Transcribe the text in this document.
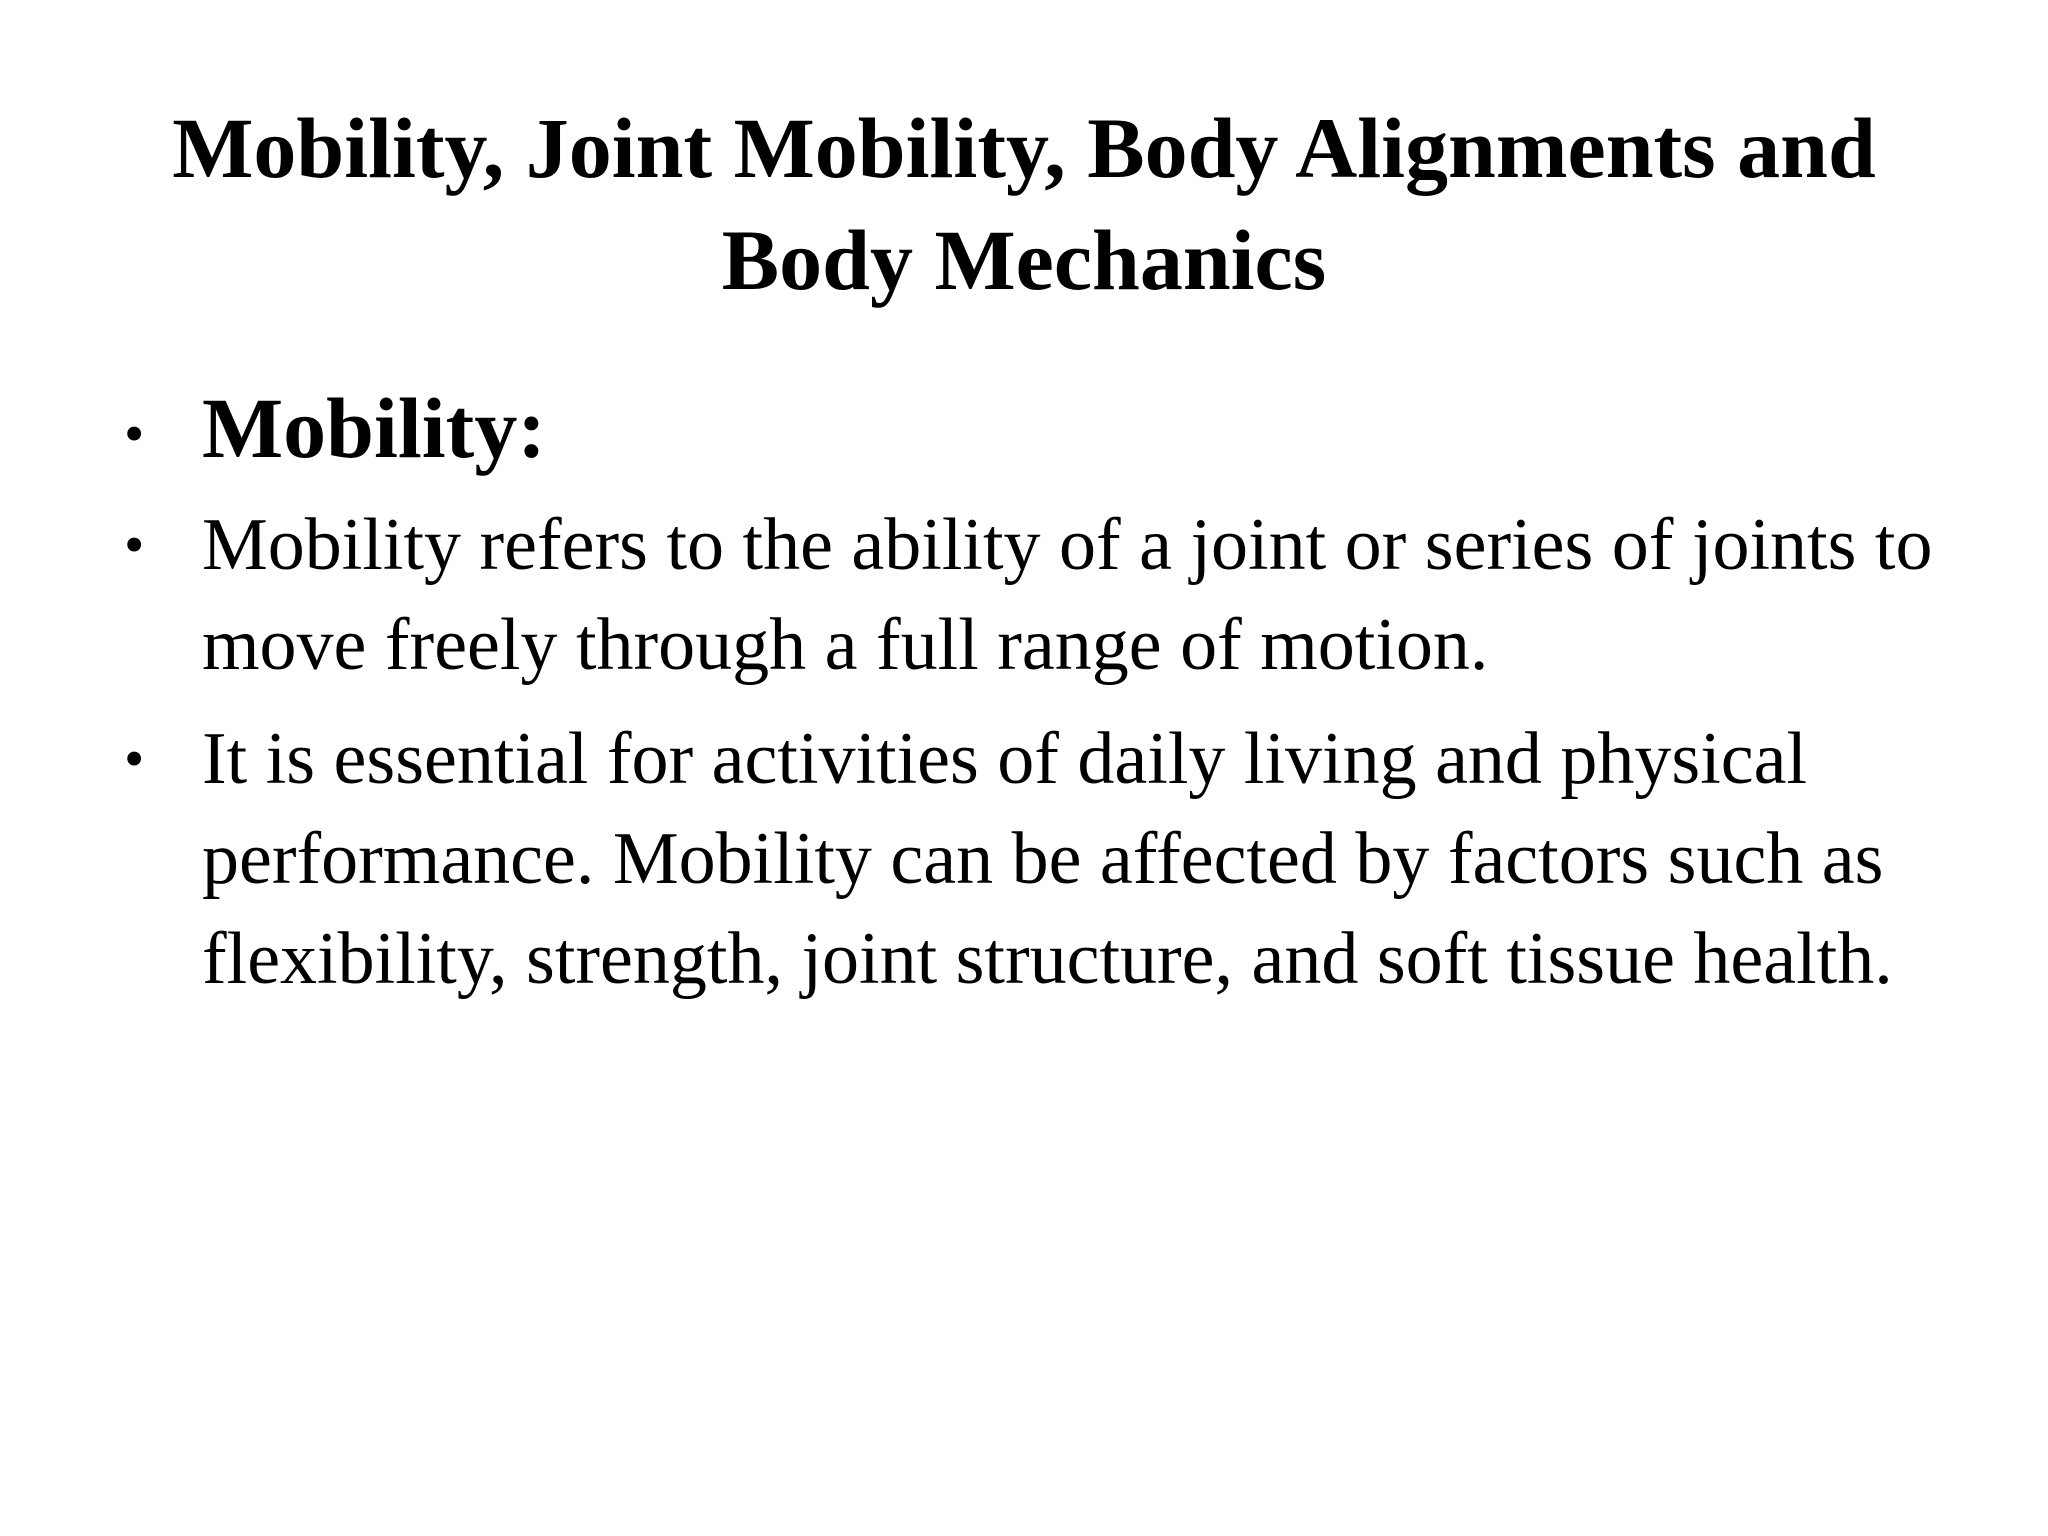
Mobility, Joint Mobility, Body Alignments and Body Mechanics
• Mobility:
• Mobility refers to the ability of a joint or series of joints to move freely through a full range of motion.
• It is essential for activities of daily living and physical performance. Mobility can be affected by factors such as flexibility, strength, joint structure, and soft tissue health.
